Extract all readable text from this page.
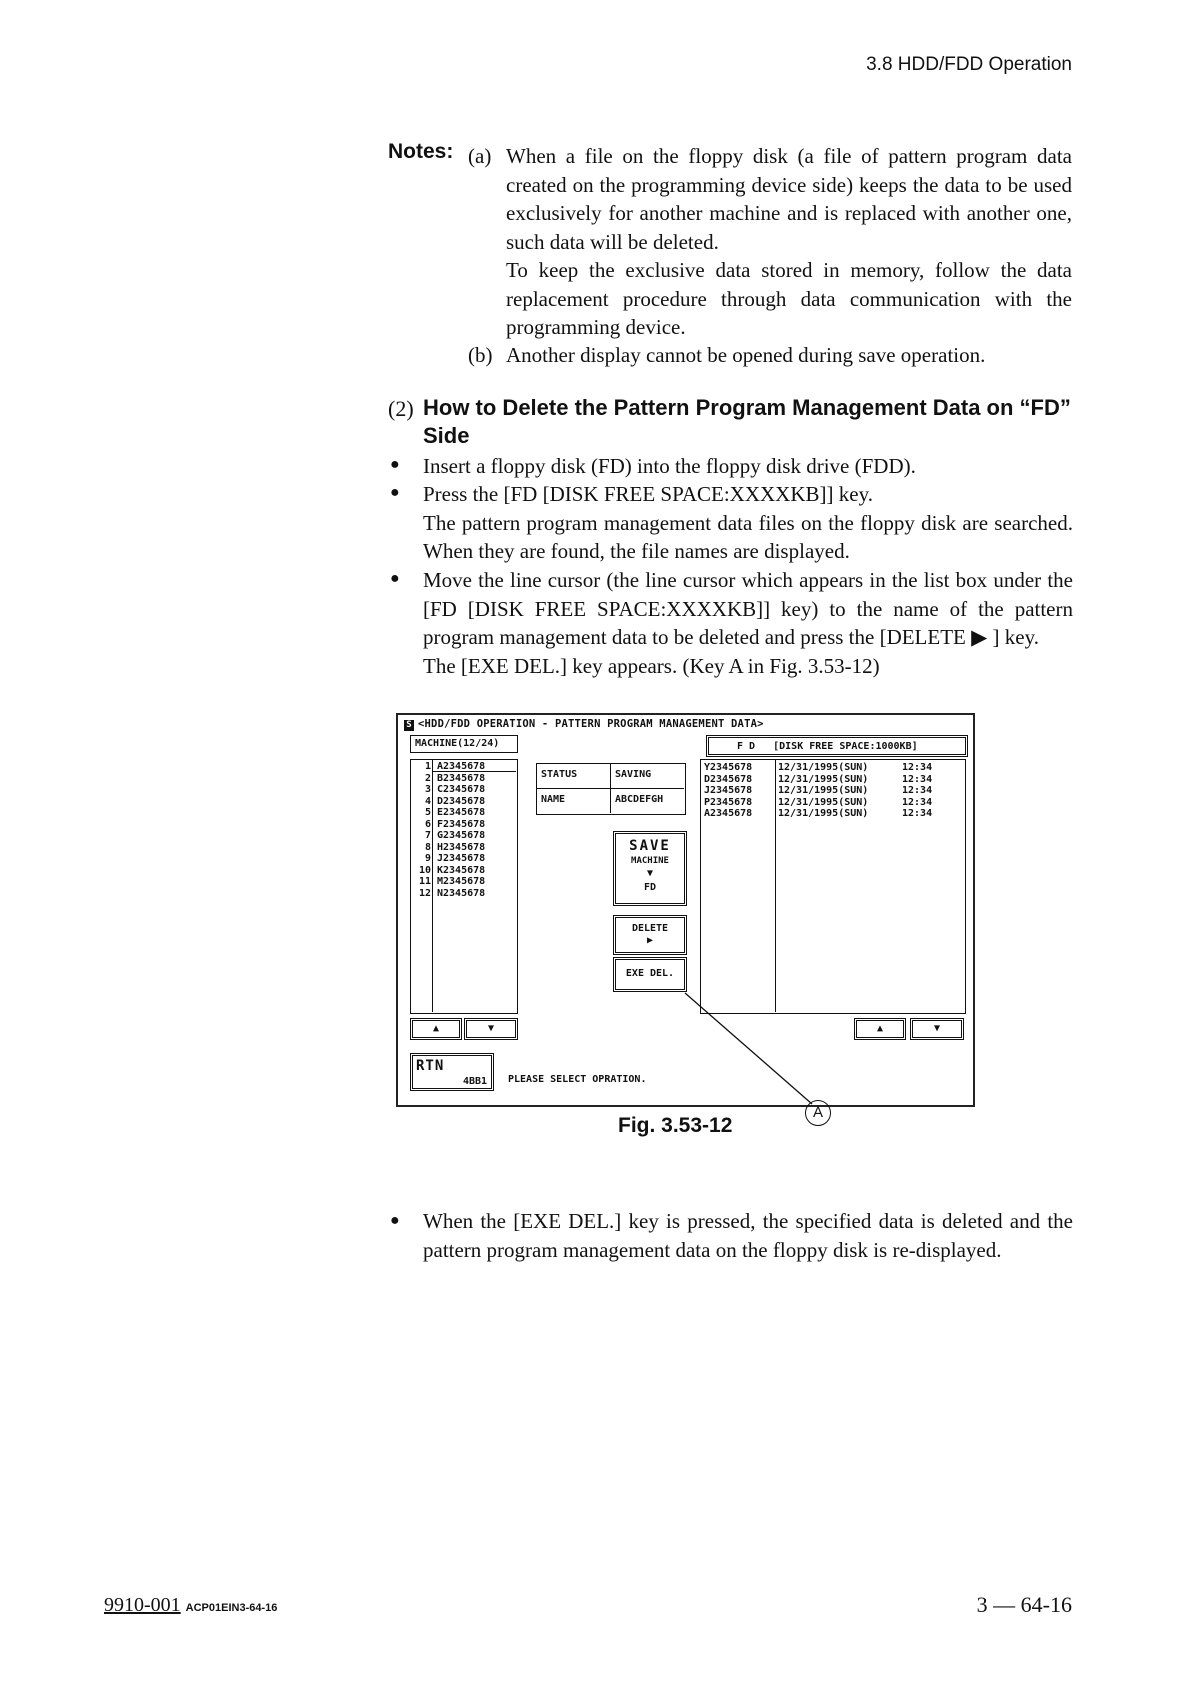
3.8 HDD/FDD Operation
Notes: (a) When a file on the floppy disk (a file of pattern program data created on the programming device side) keeps the data to be used exclusively for another machine and is replaced with another one, such data will be deleted.
To keep the exclusive data stored in memory, follow the data replacement procedure through data communication with the programming device.
(b) Another display cannot be opened during save operation.
(2) How to Delete the Pattern Program Management Data on “FD” Side
● Insert a floppy disk (FD) into the floppy disk drive (FDD).
● Press the [FD [DISK FREE SPACE:XXXXKB]] key.
The pattern program management data files on the floppy disk are searched. When they are found, the file names are displayed.
● Move the line cursor (the line cursor which appears in the list box under the [FD [DISK FREE SPACE:XXXXKB]] key) to the name of the pattern program management data to be deleted and press the [DELETE ▶ ] key.
The [EXE DEL.] key appears. (Key A in Fig. 3.53-12)
S <HDD/FDD OPERATION - PATTERN PROGRAM MANAGEMENT DATA>
MACHINE(12/24)
1 A2345678
2 B2345678
3 C2345678
4 D2345678
5 E2345678
6 F2345678
7 G2345678
8 H2345678
9 J2345678
10 K2345678
11 M2345678
12 N2345678
▲	▼
STATUS	SAVING
NAME	ABCDEFGH
SAVE
MACHINE
▼
FD
DELETE
▶
EXE DEL.
F D   [DISK FREE SPACE:1000KB]
Y2345678	12/31/1995(SUN)	12:34
D2345678	12/31/1995(SUN)	12:34
J2345678	12/31/1995(SUN)	12:34
P2345678	12/31/1995(SUN)	12:34
A2345678	12/31/1995(SUN)	12:34
▲	▼
RTN
4BB1 PLEASE SELECT OPRATION.
A
Fig. 3.53-12
● When the [EXE DEL.] key is pressed, the specified data is deleted and the pattern program management data on the floppy disk is re-displayed.
9910-001 ACP01EIN3-64-16	3 — 64-16
